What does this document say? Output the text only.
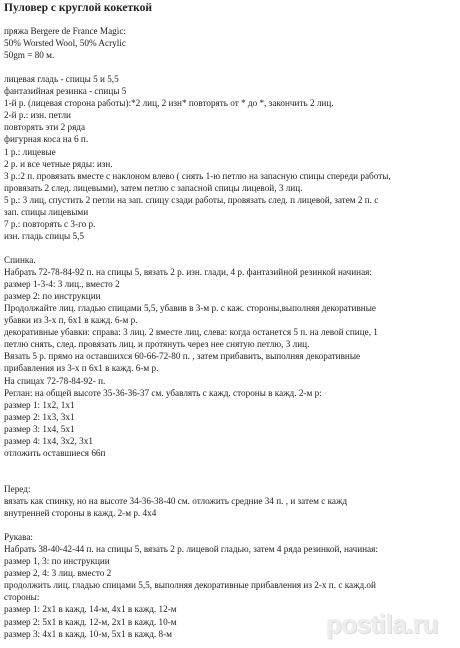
Пуловер с круглой кокеткой
пряжа Bergere de France Magic:
50% Worsted Wool, 50% Acrylic
50gm = 80 м.
лицевая гладь - спицы 5 и 5,5
фантазийная резинка - спицы 5
1-й р. (лицевая сторона работы):*2 лиц, 2 изн* повторять от * до *, закончить 2 лиц.
2-й р.: изн. петли
повторять эти 2 ряда
фигурная коса на 6 п.
1 р.: лицевые
2 р. и все четные ряды: изн.
3 р.:2 п. провязать вместе с наклоном влево ( снять 1-ю петлю на запасную спицы спереди работы,
провязать 2 след. лицевыми), затем петлю с запасной спицы лицевой, 3 лиц.
5 р.: 3 лиц, спустить 2 петли на зап. спицу сзади работы, провязать след. п лицевой, затем 2 п. с
зап. спицы лицевыми
7 р.: повторять с 3-го р.
изн. гладь спицы 5,5
Спинка.
Набрать 72-78-84-92 п. на спицы 5, вязать 2 р. изн. глади, 4 р. фантазийной резинкой начиная:
размер 1-3-4: 3 лиц., вместо 2
размер 2: по инструкции
Продолжайте лиц. гладью спицами 5,5, убавив в 3-м р. с каж. стороны,выполняя декоративные
убавки из 3-х п, 6х1 в кажд. 6-м р.
декоративные убавки: справа: 3 лиц. 2 вместе лиц, слева: когда останется 5 п. на левой спице, 1
петлю снять, след. провязать лиц. и протянуть через нее снятую петлю, 3 лиц.
Вязать 5 р. прямо на оставшихся 60-66-72-80 п. , затем прибавить, выполняя декоративные
прибавления из 3-х п 6х1 в кажд. 6-м р.
На спицах 72-78-84-92- п.
Реглан: на общей высоте 35-36-36-37 см. убавлять с кажд. стороны в кажд. 2-м р:
размер 1: 1х2, 1х1
размер 2: 1х3, 3х1
размер 3: 1х4, 5х1
размер 4: 1х4, 3х2, 3х1
отложить оставшиеся 66п
Перед:
вязать как спинку, но на высоте 34-36-38-40 см. отложить средние 34 п. , и затем с кажд
внутренней стороны в кажд. 2-м р. 4х4
Рукава:
Набрать 38-40-42-44 п. на спицы 5, вязать 2 р. лицевой гладью, затем 4 ряда резинкой, начиная:
размер 1, 3: по инструкции
размер 2, 4: 3 лиц. вместо 2
продолжить лиц. гладью спицами 5,5, выполняя декоративные прибавления из 2-х п. с кажд.ой
стороны:
размер 1: 2х1 в кажд. 14-м, 4х1 в кажд. 12-м
размер 2: 5х1 в кажд. 12-м, 2х1 в кажд. 10-м
размер 3: 4х1 в кажд. 10-м, 5х1 в кажд. 8-м	postila.ru
